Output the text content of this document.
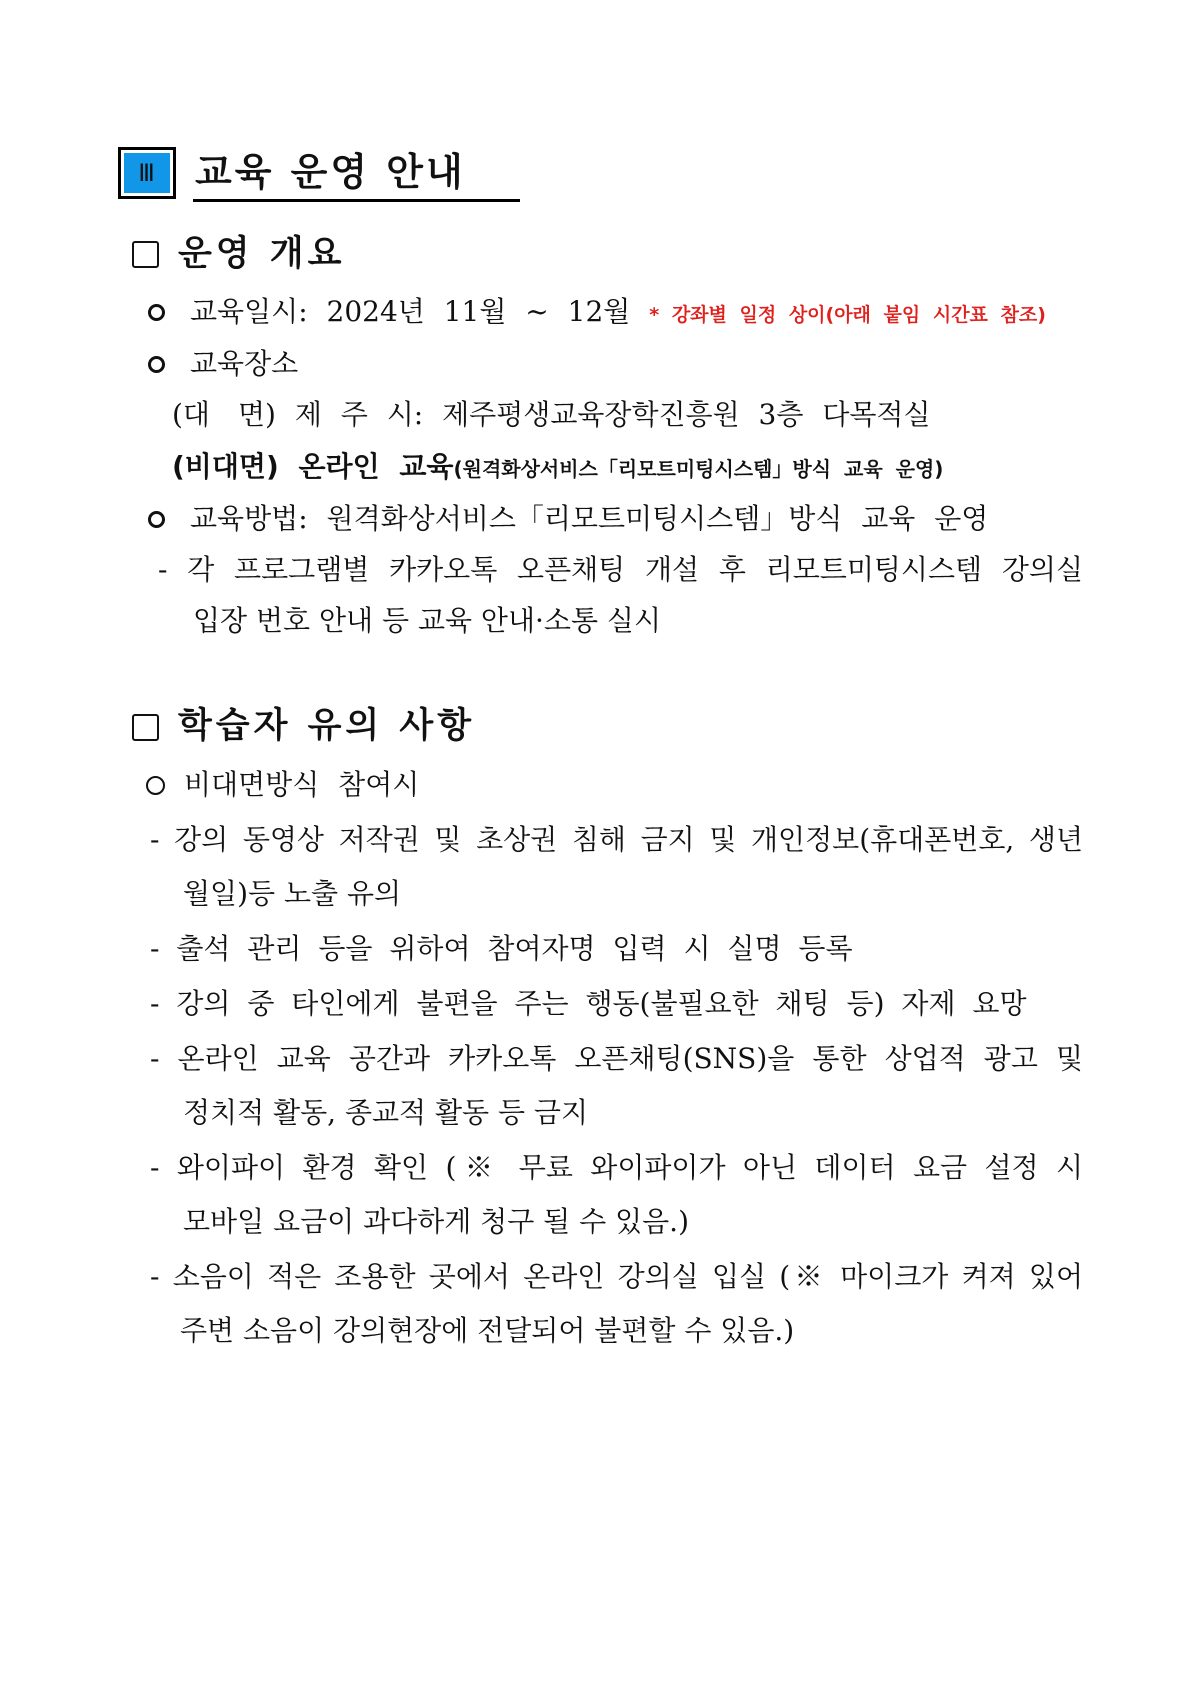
Ⅲ	교육 운영 안내
운영 개요
교육일시: 2024년 11월 ~ 12월 * 강좌별 일정 상이(아래 붙임 시간표 참조)
교육장소
(대　면) 제 주 시: 제주평생교육장학진흥원 3층 다목적실
(비대면) 온라인 교육(원격화상서비스「리모트미팅시스템」방식 교육 운영)
교육방법: 원격화상서비스「리모트미팅시스템」방식 교육 운영
- 각 프로그램별 카카오톡 오픈채팅 개설 후 리모트미팅시스템 강의실
입장 번호 안내 등 교육 안내·소통 실시
학습자 유의 사항
비대면방식 참여시
- 강의 동영상 저작권 및 초상권 침해 금지 및 개인정보(휴대폰번호, 생년
월일)등 노출 유의
- 출석 관리 등을 위하여 참여자명 입력 시 실명 등록
- 강의 중 타인에게 불편을 주는 행동(불필요한 채팅 등) 자제 요망
- 온라인 교육 공간과 카카오톡 오픈채팅(SNS)을 통한 상업적 광고 및
정치적 활동, 종교적 활동 등 금지
- 와이파이 환경 확인 (※ 무료 와이파이가 아닌 데이터 요금 설정 시
모바일 요금이 과다하게 청구 될 수 있음.)
- 소음이 적은 조용한 곳에서 온라인 강의실 입실 (※ 마이크가 켜져 있어
주변 소음이 강의현장에 전달되어 불편할 수 있음.)
